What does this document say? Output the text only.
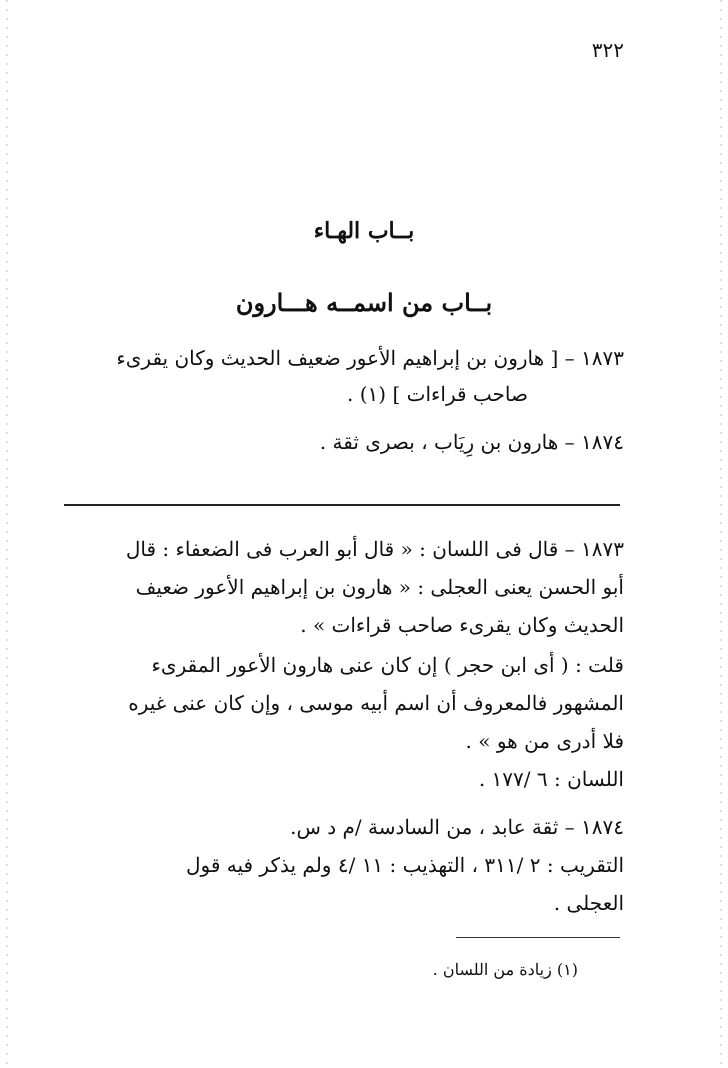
٣٢٢
بــاب الهـاء
بــاب من اسمــه هـــارون
١٨٧٣ – [ هارون بن إبراهيم الأعور ضعيف الحديث وكان يقرىء
صاحب قراءات ] (١) .
١٨٧٤ – هارون بن رِيَاب ، بصرى ثقة .
١٨٧٣ – قال فى اللسان : « قال أبو العرب فى الضعفاء : قال
أبو الحسن يعنى العجلى : « هارون بن إبراهيم الأعور ضعيف
الحديث وكان يقرىء صاحب قراءات » .
قلت : ( أى ابن حجر ) إن كان عنى هارون الأعور المقرىء
المشهور فالمعروف أن اسم أبيه موسى ، وإن كان عنى غيره
فلا أدرى من هو » .
اللسان : ٦ /١٧٧ .
١٨٧٤ – ثقة عابد ، من السادسة /م د س.
التقريب : ٢ /٣١١ ، التهذيب : ١١ /٤ ولم يذكر فيه قول
العجلى .
(١) زيادة من اللسان .
